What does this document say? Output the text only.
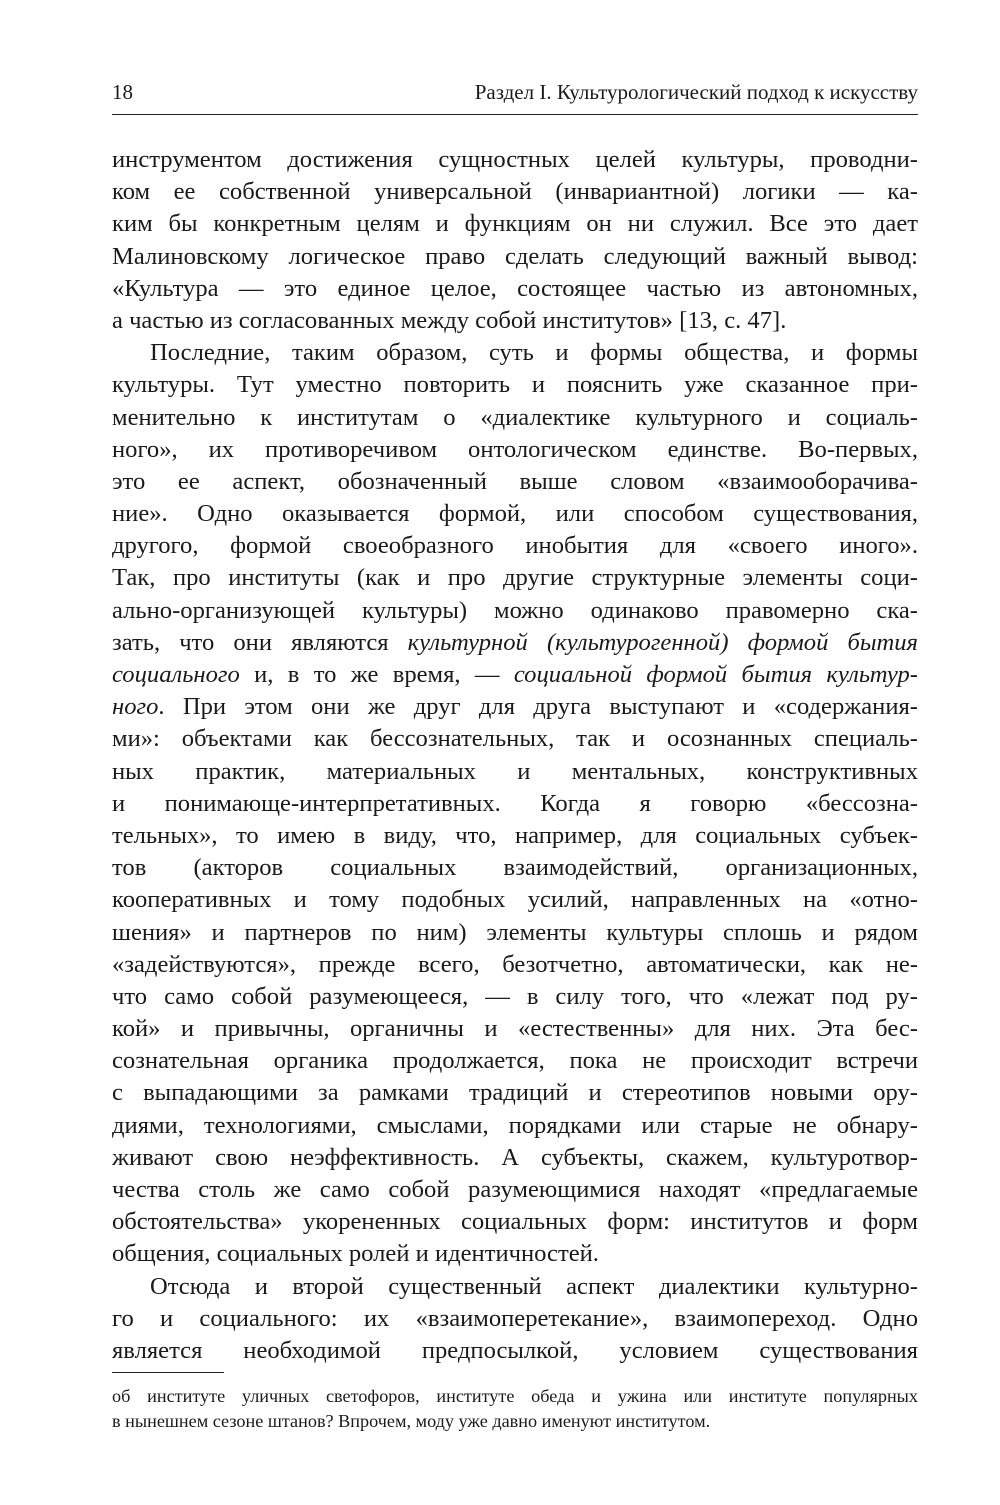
18	Раздел I. Культурологический подход к искусству
инструментом достижения сущностных целей культуры, проводни-
ком ее собственной универсальной (инвариантной) логики — ка-
ким бы конкретным целям и функциям он ни служил. Все это дает
Малиновскому логическое право сделать следующий важный вывод:
«Культура — это единое целое, состоящее частью из автономных,
а частью из согласованных между собой институтов» [13, с. 47].
Последние, таким образом, суть и формы общества, и формы
культуры. Тут уместно повторить и пояснить уже сказанное при-
менительно к институтам о «диалектике культурного и социаль-
ного», их противоречивом онтологическом единстве. Во-первых,
это ее аспект, обозначенный выше словом «взаимооборачива-
ние». Одно оказывается формой, или способом существования,
другого, формой своеобразного инобытия для «своего иного».
Так, про институты (как и про другие структурные элементы соци-
ально-организующей культуры) можно одинаково правомерно ска-
зать, что они являются культурной (культурогенной) формой бытия
социального и, в то же время, — социальной формой бытия культур-
ного. При этом они же друг для друга выступают и «содержания-
ми»: объектами как бессознательных, так и осознанных специаль-
ных практик, материальных и ментальных, конструктивных
и понимающе-интерпретативных. Когда я говорю «бессозна-
тельных», то имею в виду, что, например, для социальных субъек-
тов (акторов социальных взаимодействий, организационных,
кооперативных и тому подобных усилий, направленных на «отно-
шения» и партнеров по ним) элементы культуры сплошь и рядом
«задействуются», прежде всего, безотчетно, автоматически, как не-
что само собой разумеющееся, — в силу того, что «лежат под ру-
кой» и привычны, органичны и «естественны» для них. Эта бес-
сознательная органика продолжается, пока не происходит встречи
с выпадающими за рамками традиций и стереотипов новыми ору-
диями, технологиями, смыслами, порядками или старые не обнару-
живают свою неэффективность. А субъекты, скажем, культуротвор-
чества столь же само собой разумеющимися находят «предлагаемые
обстоятельства» укорененных социальных форм: институтов и форм
общения, социальных ролей и идентичностей.
Отсюда и второй существенный аспект диалектики культурно-
го и социального: их «взаимоперетекание», взаимопереход. Одно
является необходимой предпосылкой, условием существования
об институте уличных светофоров, институте обеда и ужина или институте популярных
в нынешнем сезоне штанов? Впрочем, моду уже давно именуют институтом.
